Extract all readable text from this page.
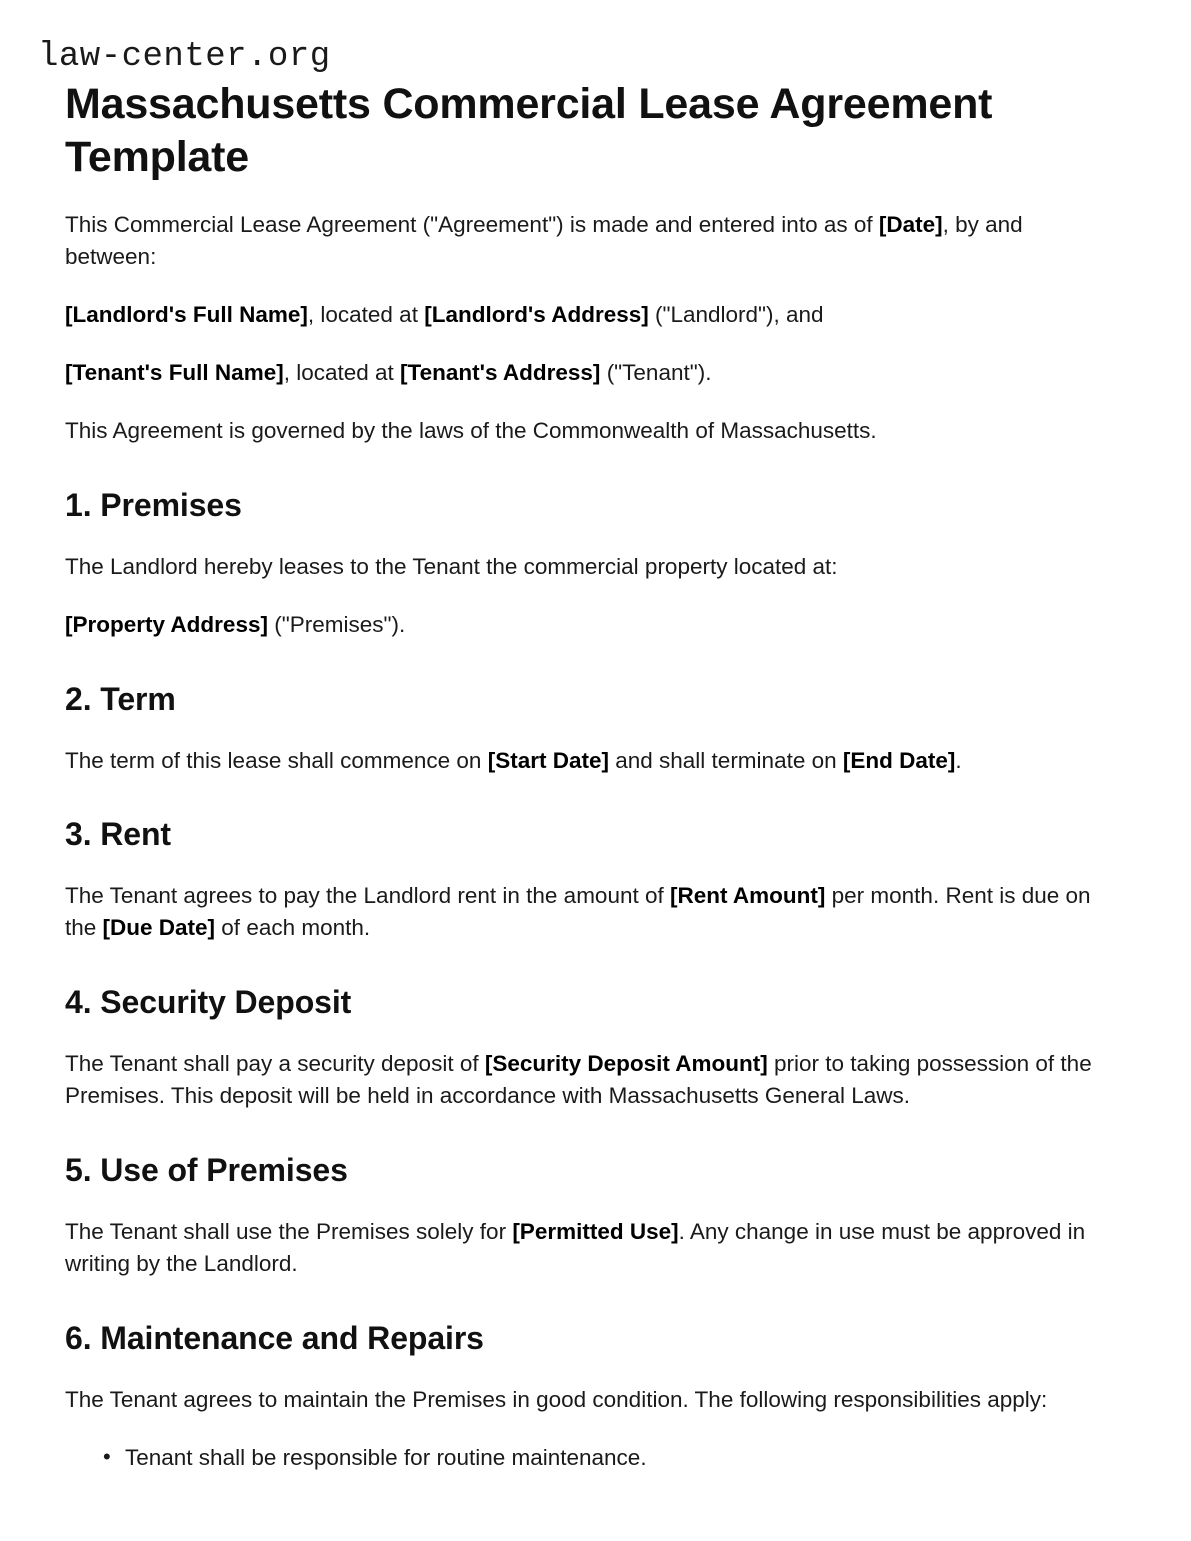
law-center.org
Massachusetts Commercial Lease Agreement Template

This Commercial Lease Agreement ("Agreement") is made and entered into as of [Date], by and between:

[Landlord's Full Name], located at [Landlord's Address] ("Landlord"), and

[Tenant's Full Name], located at [Tenant's Address] ("Tenant").

This Agreement is governed by the laws of the Commonwealth of Massachusetts.

1. Premises

The Landlord hereby leases to the Tenant the commercial property located at:

[Property Address] ("Premises").

2. Term

The term of this lease shall commence on [Start Date] and shall terminate on [End Date].

3. Rent

The Tenant agrees to pay the Landlord rent in the amount of [Rent Amount] per month. Rent is due on the [Due Date] of each month.

4. Security Deposit

The Tenant shall pay a security deposit of [Security Deposit Amount] prior to taking possession of the Premises. This deposit will be held in accordance with Massachusetts General Laws.

5. Use of Premises

The Tenant shall use the Premises solely for [Permitted Use]. Any change in use must be approved in writing by the Landlord.

6. Maintenance and Repairs

The Tenant agrees to maintain the Premises in good condition. The following responsibilities apply:

• Tenant shall be responsible for routine maintenance.
